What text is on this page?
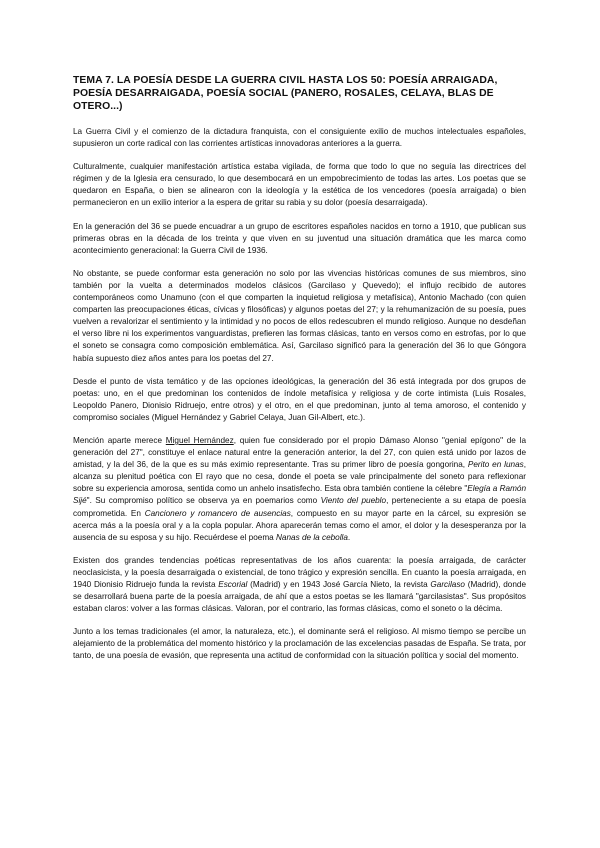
TEMA 7. LA POESÍA DESDE LA GUERRA CIVIL HASTA LOS 50: POESÍA ARRAIGADA, POESÍA DESARRAIGADA, POESÍA SOCIAL (PANERO, ROSALES, CELAYA, BLAS DE OTERO...)

La Guerra Civil y el comienzo de la dictadura franquista, con el consiguiente exilio de muchos intelectuales españoles, supusieron un corte radical con las corrientes artísticas innovadoras anteriores a la guerra.

Culturalmente, cualquier manifestación artística estaba vigilada, de forma que todo lo que no seguía las directrices del régimen y de la Iglesia era censurado, lo que desembocará en un empobrecimiento de todas las artes. Los poetas que se quedaron en España, o bien se alinearon con la ideología y la estética de los vencedores (poesía arraigada) o bien permanecieron en un exilio interior a la espera de gritar su rabia y su dolor (poesía desarraigada).

En la generación del 36 se puede encuadrar a un grupo de escritores españoles nacidos en torno a 1910, que publican sus primeras obras en la década de los treinta y que viven en su juventud una situación dramática que les marca como acontecimiento generacional: la Guerra Civil de 1936.

No obstante, se puede conformar esta generación no solo por las vivencias históricas comunes de sus miembros, sino también por la vuelta a determinados modelos clásicos (Garcilaso y Quevedo); el influjo recibido de autores contemporáneos como Unamuno (con el que comparten la inquietud religiosa y metafísica), Antonio Machado (con quien comparten las preocupaciones éticas, cívicas y filosóficas) y algunos poetas del 27; y la rehumanización de su poesía, pues vuelven a revalorizar el sentimiento y la intimidad y no pocos de ellos redescubren el mundo religioso. Aunque no desdeñan el verso libre ni los experimentos vanguardistas, prefieren las formas clásicas, tanto en versos como en estrofas, por lo que el soneto se consagra como composición emblemática. Así, Garcilaso significó para la generación del 36 lo que Góngora había supuesto diez años antes para los poetas del 27.

Desde el punto de vista temático y de las opciones ideológicas, la generación del 36 está integrada por dos grupos de poetas: uno, en el que predominan los contenidos de índole metafísica y religiosa y de corte intimista (Luis Rosales, Leopoldo Panero, Dionisio Ridruejo, entre otros) y el otro, en el que predominan, junto al tema amoroso, el contenido y compromiso sociales (Miguel Hernández y Gabriel Celaya, Juan Gil-Albert, etc.).

Mención aparte merece Miguel Hernández, quien fue considerado por el propio Dámaso Alonso "genial epígono" de la generación del 27", constituye el enlace natural entre la generación anterior, la del 27, con quien está unido por lazos de amistad, y la del 36, de la que es su más eximio representante. Tras su primer libro de poesía gongorina, Perito en lunas, alcanza su plenitud poética con El rayo que no cesa, donde el poeta se vale principalmente del soneto para reflexionar sobre su experiencia amorosa, sentida como un anhelo insatisfecho. Esta obra también contiene la célebre "Elegía a Ramón Sijé". Su compromiso político se observa ya en poemarios como Viento del pueblo, perteneciente a su etapa de poesía comprometida. En Cancionero y romancero de ausencias, compuesto en su mayor parte en la cárcel, su expresión se acerca más a la poesía oral y a la copla popular. Ahora aparecerán temas como el amor, el dolor y la desesperanza por la ausencia de su esposa y su hijo. Recuérdese el poema Nanas de la cebolla.

Existen dos grandes tendencias poéticas representativas de los años cuarenta: la poesía arraigada, de carácter neoclasicista, y la poesía desarraigada o existencial, de tono trágico y expresión sencilla. En cuanto la poesía arraigada, en 1940 Dionisio Ridruejo funda la revista Escorial (Madrid) y en 1943 José García Nieto, la revista Garcilaso (Madrid), donde se desarrollará buena parte de la poesía arraigada, de ahí que a estos poetas se les llamará "garcilasistas". Sus propósitos estaban claros: volver a las formas clásicas. Valoran, por el contrario, las formas clásicas, como el soneto o la décima.

Junto a los temas tradicionales (el amor, la naturaleza, etc.), el dominante será el religioso. Al mismo tiempo se percibe un alejamiento de la problemática del momento histórico y la proclamación de las excelencias pasadas de España. Se trata, por tanto, de una poesía de evasión, que representa una actitud de conformidad con la situación política y social del momento.
